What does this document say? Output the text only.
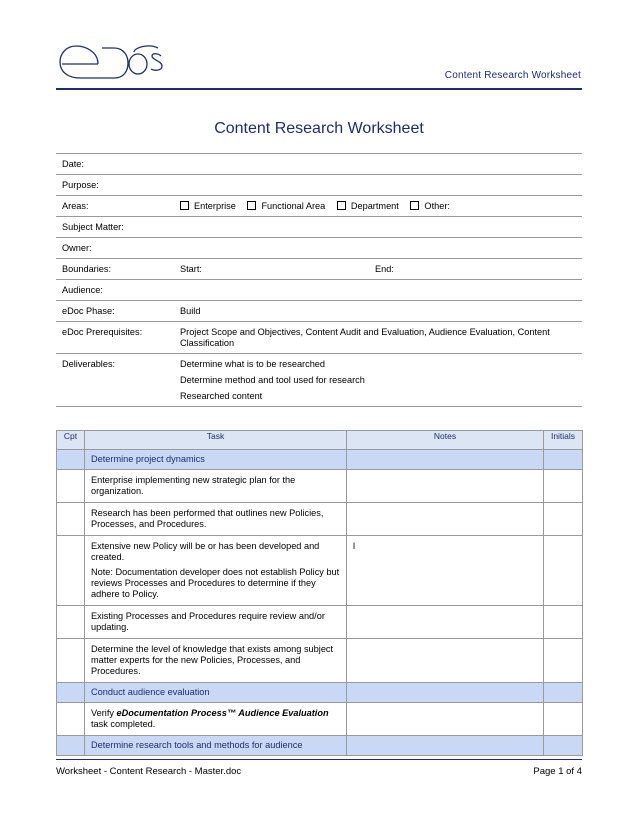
eDocs
Content Research Worksheet
Content Research Worksheet
Date:
Purpose:
Areas:	Enterprise	Functional Area	Department	Other:
Subject Matter:
Owner:
Boundaries:	Start:	End:
Audience:
eDoc Phase:	Build
eDoc Prerequisites:	Project Scope and Objectives, Content Audit and Evaluation, Audience Evaluation, Content Classification
Deliverables:	Determine what is to be researched

Determine method and tool used for research

Researched content

Cpt	Task	Notes	Initials
	Determine project dynamics		
	Enterprise implementing new strategic plan for the organization.		
	Research has been performed that outlines new Policies, Processes, and Procedures.		

	Extensive new Policy will be or has been developed and created.

Note: Documentation developer does not establish Policy but reviews Processes and Procedures to determine if they adhere to Policy.	l	
	Existing Processes and Procedures require review and/or updating.		
	Determine the level of knowledge that exists among subject matter experts for the new Policies, Processes, and Procedures.		
	Conduct audience evaluation		
	Verify eDocumentation Process™ Audience Evaluation task completed.		
	Determine research tools and methods for audience		
Worksheet - Content Research - Master.doc	Page 1 of 4
